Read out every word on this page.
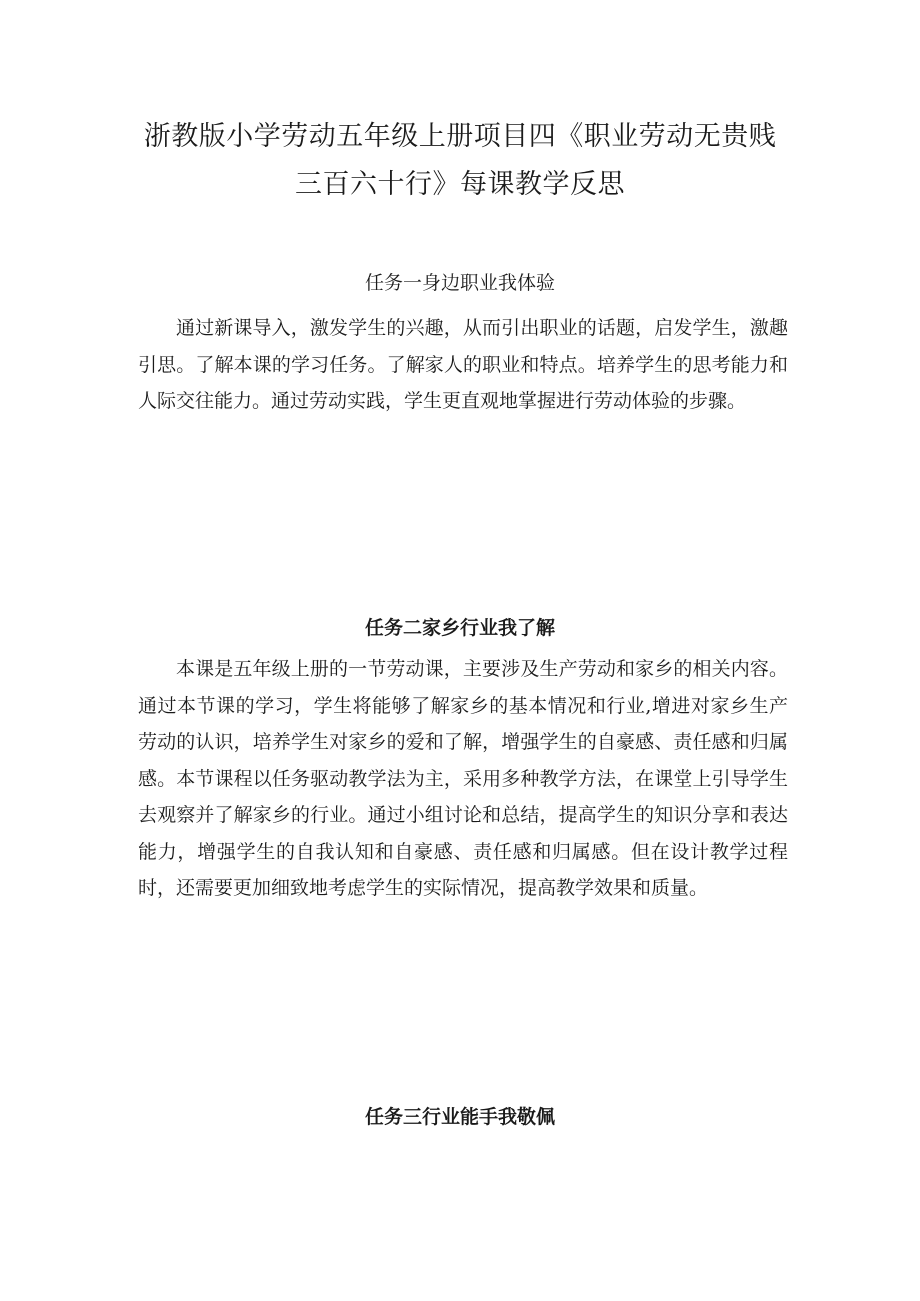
浙教版小学劳动五年级上册项目四《职业劳动无贵贱
三百六十行》每课教学反思
任务一身边职业我体验

通过新课导入，激发学生的兴趣，从而引出职业的话题，启发学生，激趣引思。了解本课的学习任务。了解家人的职业和特点。培养学生的思考能力和人际交往能力。通过劳动实践，学生更直观地掌握进行劳动体验的步骤。

任务二家乡行业我了解

本课是五年级上册的一节劳动课，主要涉及生产劳动和家乡的相关内容。通过本节课的学习，学生将能够了解家乡的基本情况和行业,增进对家乡生产劳动的认识，培养学生对家乡的爱和了解，增强学生的自豪感、责任感和归属感。本节课程以任务驱动教学法为主，采用多种教学方法，在课堂上引导学生去观察并了解家乡的行业。通过小组讨论和总结，提高学生的知识分享和表达能力，增强学生的自我认知和自豪感、责任感和归属感。但在设计教学过程时，还需要更加细致地考虑学生的实际情况，提高教学效果和质量。

任务三行业能手我敬佩
